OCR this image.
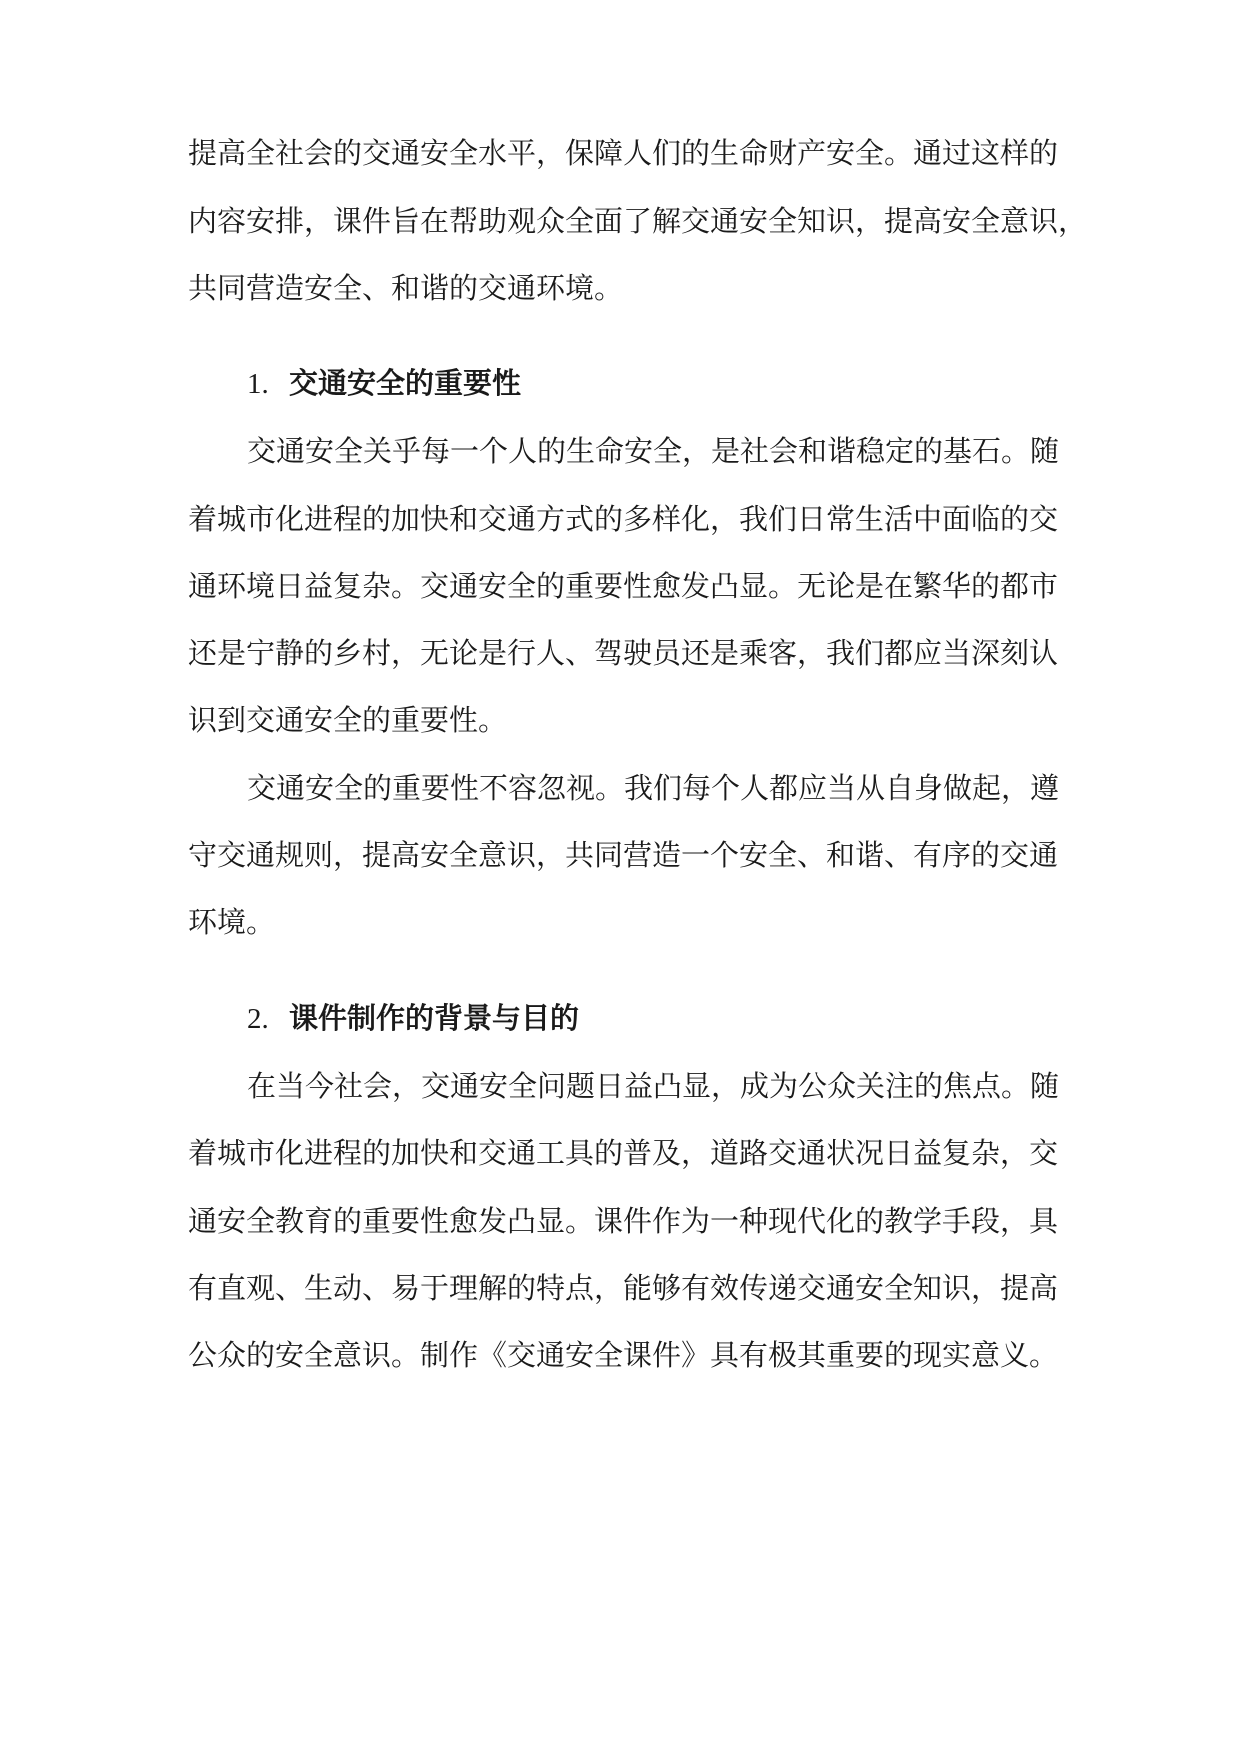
提高全社会的交通安全水平，保障人们的生命财产安全。通过这样的
内容安排，课件旨在帮助观众全面了解交通安全知识，提高安全意识，
共同营造安全、和谐的交通环境。
1. 交通安全的重要性
交通安全关乎每一个人的生命安全，是社会和谐稳定的基石。随
着城市化进程的加快和交通方式的多样化，我们日常生活中面临的交
通环境日益复杂。交通安全的重要性愈发凸显。无论是在繁华的都市
还是宁静的乡村，无论是行人、驾驶员还是乘客，我们都应当深刻认
识到交通安全的重要性。
交通安全的重要性不容忽视。我们每个人都应当从自身做起，遵
守交通规则，提高安全意识，共同营造一个安全、和谐、有序的交通
环境。
2. 课件制作的背景与目的
在当今社会，交通安全问题日益凸显，成为公众关注的焦点。随
着城市化进程的加快和交通工具的普及，道路交通状况日益复杂，交
通安全教育的重要性愈发凸显。课件作为一种现代化的教学手段，具
有直观、生动、易于理解的特点，能够有效传递交通安全知识，提高
公众的安全意识。制作《交通安全课件》具有极其重要的现实意义。
